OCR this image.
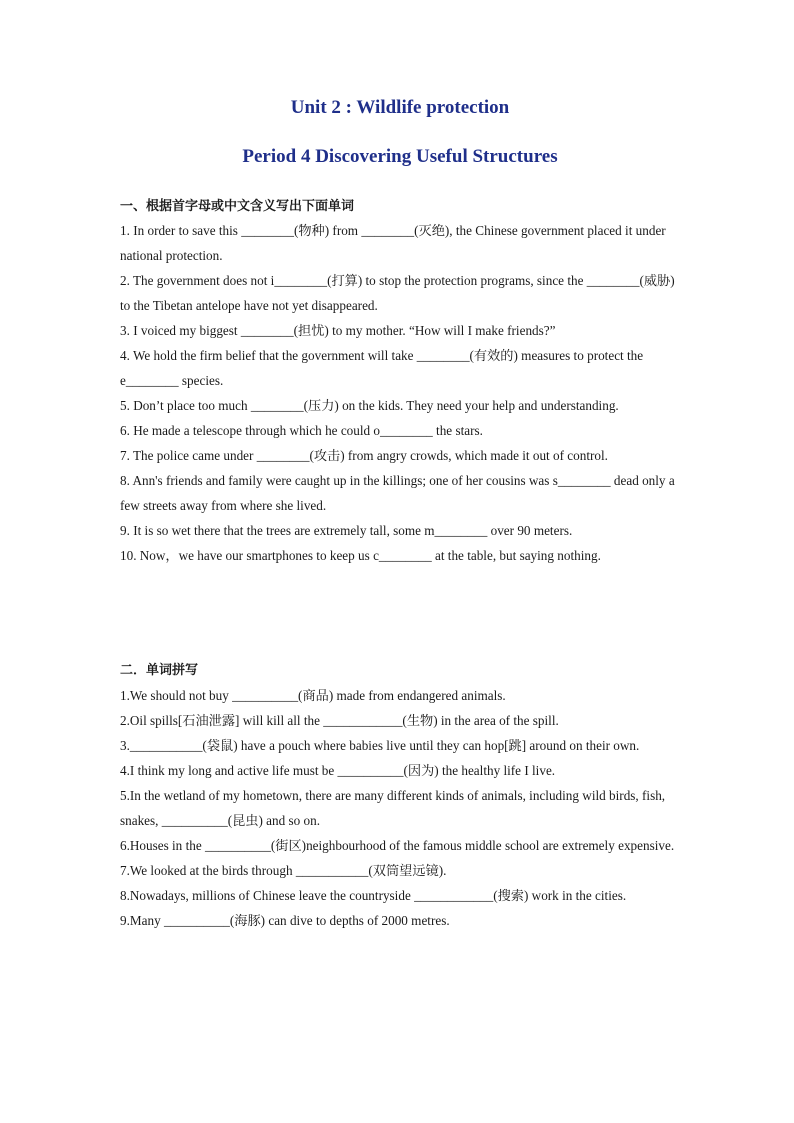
Unit 2 : Wildlife protection
Period 4 Discovering Useful Structures
一、根据首字母或中文含义写出下面单词

1. In order to save this ________(物种) from ________(灭绝), the Chinese government placed it under national protection.

2. The government does not i________(打算) to stop the protection programs, since the ________(威胁) to the Tibetan antelope have not yet disappeared.

3. I voiced my biggest ________(担忧) to my mother. “How will I make friends?”

4. We hold the firm belief that the government will take ________(有效的) measures to protect the e________ species.

5. Don’t place too much ________(压力) on the kids. They need your help and understanding.

6. He made a telescope through which he could o________ the stars.

7. The police came under ________(攻击) from angry crowds, which made it out of control.

8. Ann's friends and family were caught up in the killings; one of her cousins was s________ dead only a few streets away from where she lived.

9. It is so wet there that the trees are extremely tall, some m________ over 90 meters.

10. Now，we have our smartphones to keep us c________ at the table, but saying nothing.

二．单词拼写

1.We should not buy __________(商品) made from endangered animals.

2.Oil spills[石油泄露] will kill all the ____________(生物) in the area of the spill.

3.___________(袋鼠) have a pouch where babies live until they can hop[跳] around on their own.

4.I think my long and active life must be __________(因为) the healthy life I live.

5.In the wetland of my hometown, there are many different kinds of animals, including wild birds, fish, snakes, __________(昆虫) and so on.

6.Houses in the __________(街区)neighbourhood of the famous middle school are extremely expensive.

7.We looked at the birds through ___________(双筒望远镜).

8.Nowadays, millions of Chinese leave the countryside ____________(搜索) work in the cities.

9.Many __________(海豚) can dive to depths of 2000 metres.
